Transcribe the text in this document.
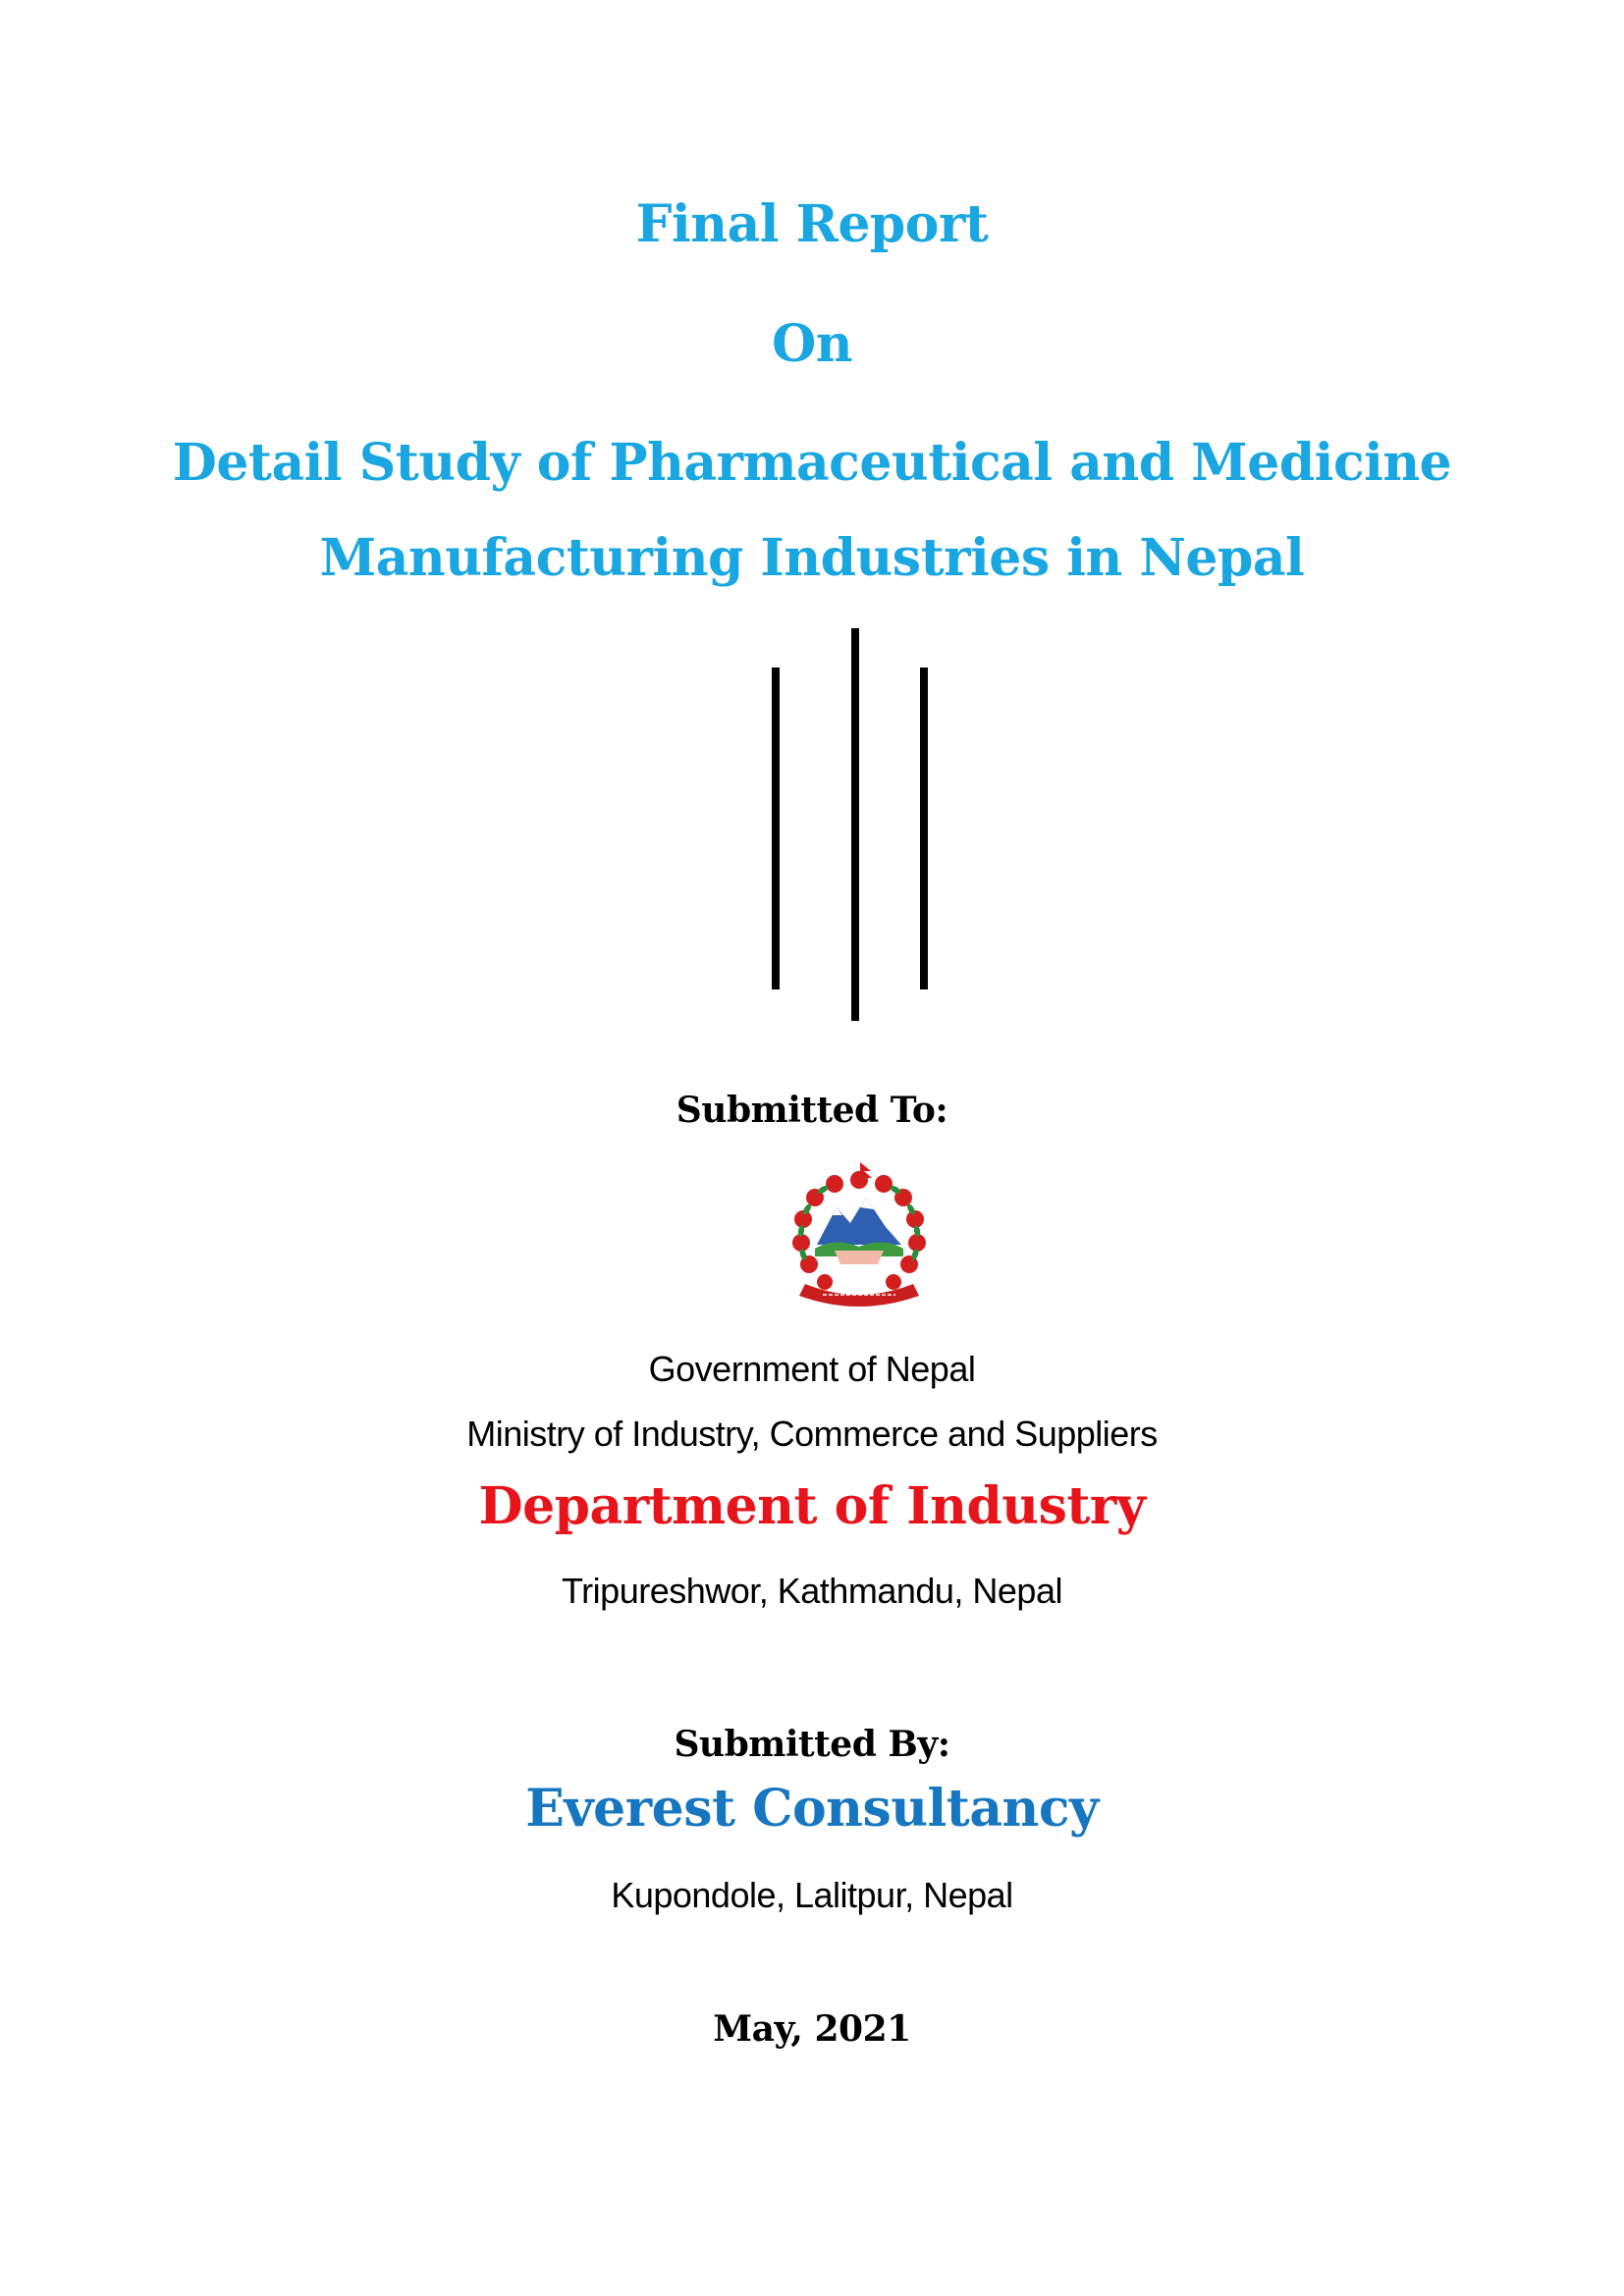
Final Report
On
Detail Study of Pharmaceutical and Medicine
Manufacturing Industries in Nepal
Submitted To:
Government of Nepal
Ministry of Industry, Commerce and Suppliers
Department of Industry
Tripureshwor, Kathmandu, Nepal
Submitted By:
Everest Consultancy
Kupondole, Lalitpur, Nepal
May, 2021
